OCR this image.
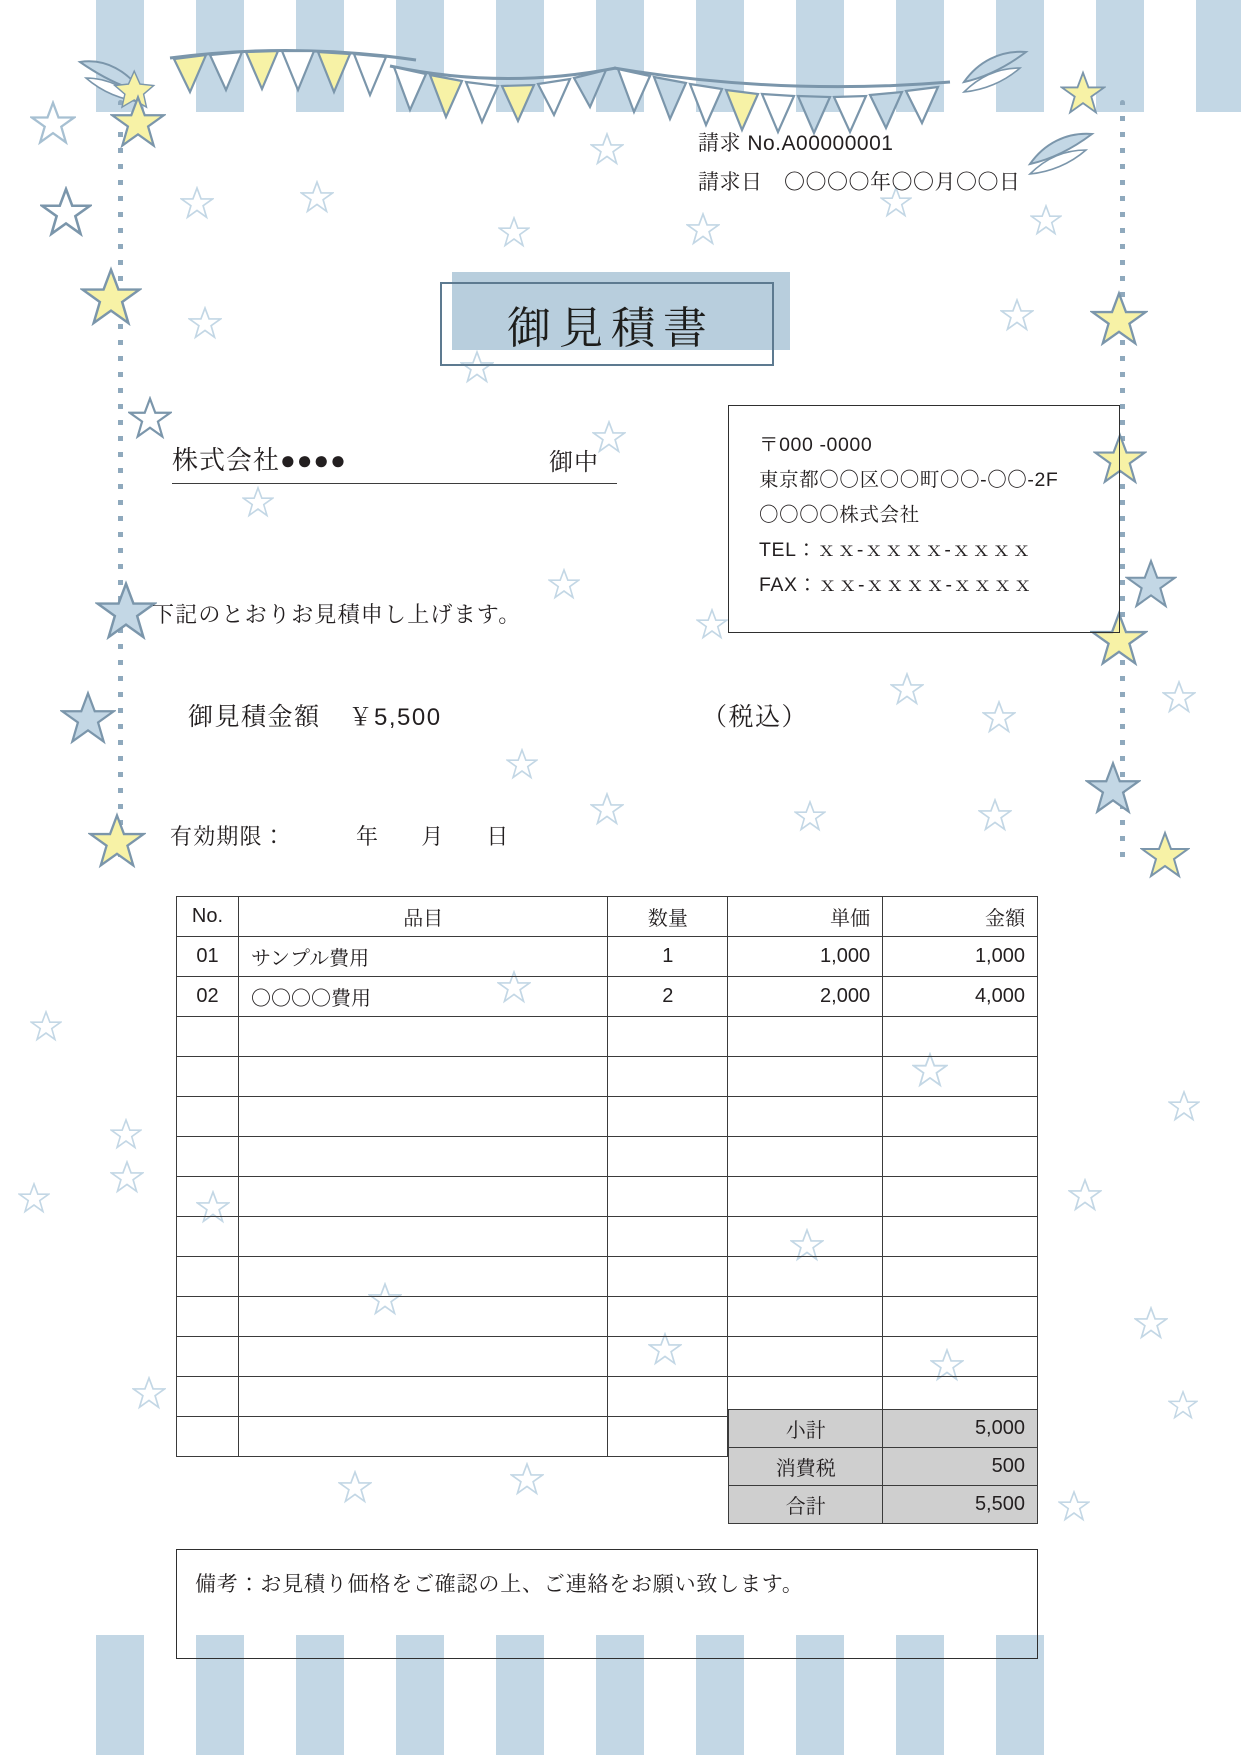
請求 No.A00000001
請求日　〇〇〇〇年〇〇月〇〇日
御見積書
株式会社●●●●	御中
〒000 -0000
東京都〇〇区〇〇町〇〇-〇〇-2F
〇〇〇〇株式会社
TEL：ｘｘ-ｘｘｘｘ-ｘｘｘｘ
FAX：ｘｘ-ｘｘｘｘ-ｘｘｘｘ
下記のとおりお見積申し上げます。
御見積金額 ￥5,500	（税込）
有効期限：	年 月 日
No.	品目	数量	単価	金額
01	サンプル費用	1	1,000	1,000
02	〇〇〇〇費用	2	2,000	4,000

小計	5,000
消費税	500
合計	5,500
備考：お見積り価格をご確認の上、ご連絡をお願い致します。
